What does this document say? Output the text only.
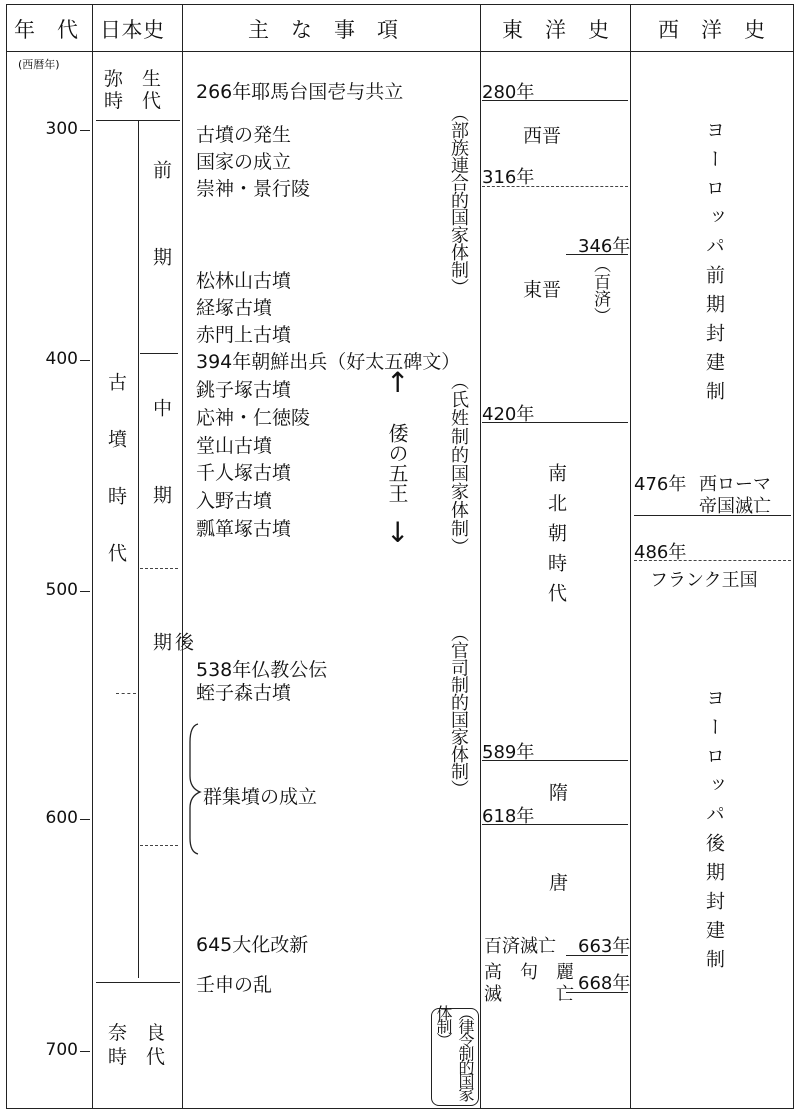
年　代 日本史	主　な　事　項	東　洋　史 西　洋　史
(西暦年)
300
400
500
600
700
弥　生
時　代
古墳時代
前期
中期
後期
奈　良
時　代
266年耶馬台国壱与共立
古墳の発生
国家の成立
崇神・景行陵
松林山古墳
経塚古墳
赤門上古墳
394年朝鮮出兵（好太五碑文）
銚子塚古墳
応神・仁徳陵
堂山古墳
千人塚古墳
入野古墳
瓢箪塚古墳
538年仏教公伝
蛭子森古墳
群集墳の成立
645大化改新
壬申の乱
↑
倭の五王
↓
（部族連合的国家体制）
（氏姓制的国家体制）
（官司制的国家体制）
（律令制的国家体制）
280年
西晋
316年
346年
（百済）
東晋
420年
南北朝時代
589年
隋
618年
唐
百済滅亡 663年
高　句　麗
滅　　　亡
668年
ヨーロッパ前期封建制
476年 西ローマ
帝国滅亡
486年
フランク王国
ヨーロッパ後期封建制
